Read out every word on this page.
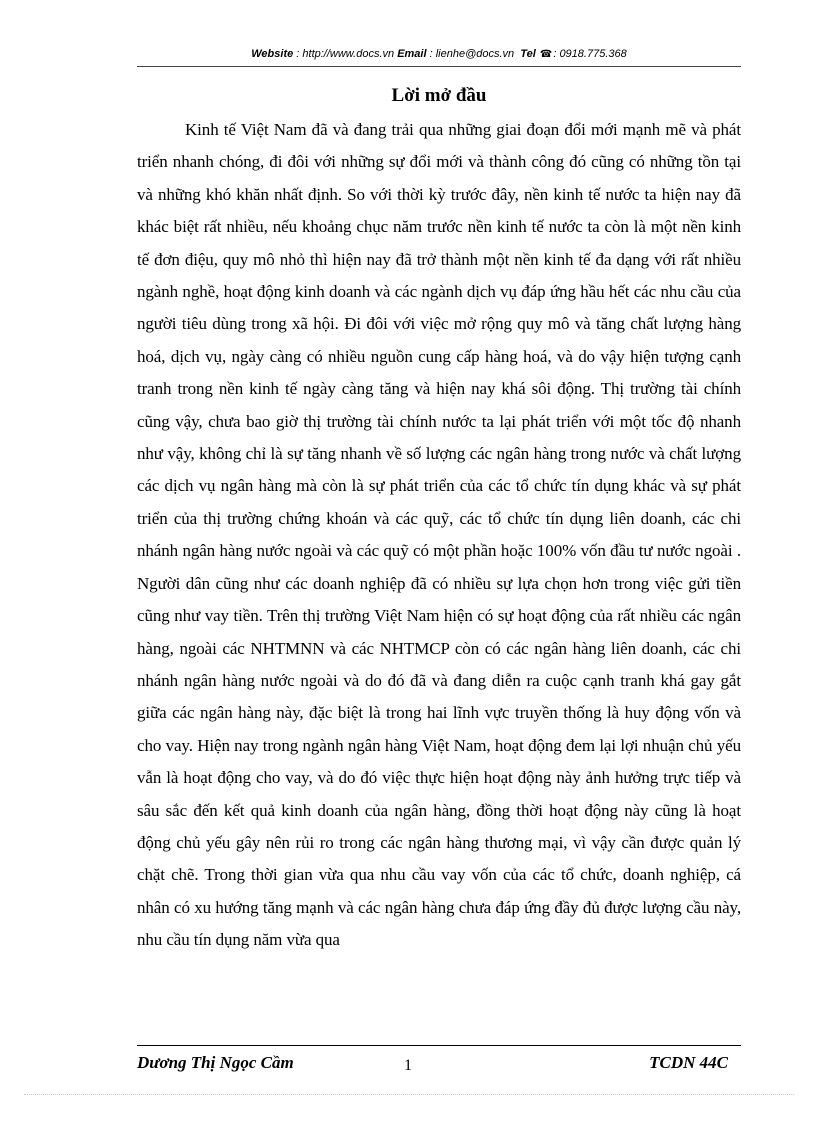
Website : http://www.docs.vn Email : lienhe@docs.vn Tel ☎: 0918.775.368
Lời mở đầu

Kinh tế Việt Nam đã và đang trải qua những giai đoạn đổi mới mạnh mẽ và phát triển nhanh chóng, đi đôi với những sự đổi mới và thành công đó cũng có những tồn tại và những khó khăn nhất định. So với thời kỳ trước đây, nền kinh tế nước ta hiện nay đã khác biệt rất nhiều, nếu khoảng chục năm trước nền kinh tế nước ta còn là một nền kinh tế đơn điệu, quy mô nhỏ thì hiện nay đã trở thành một nền kinh tế đa dạng với rất nhiều ngành nghề, hoạt động kinh doanh và các ngành dịch vụ đáp ứng hầu hết các nhu cầu của người tiêu dùng trong xã hội. Đi đôi với việc mở rộng quy mô và tăng chất lượng hàng hoá, dịch vụ, ngày càng có nhiều nguồn cung cấp hàng hoá, và do vậy hiện tượng cạnh tranh trong nền kinh tế ngày càng tăng và hiện nay khá sôi động. Thị trường tài chính cũng vậy, chưa bao giờ thị trường tài chính nước ta lại phát triển với một tốc độ nhanh như vậy, không chỉ là sự tăng nhanh về số lượng các ngân hàng trong nước và chất lượng các dịch vụ ngân hàng mà còn là sự phát triển của các tổ chức tín dụng khác và sự phát triển của thị trường chứng khoán và các quỹ, các tổ chức tín dụng liên doanh, các chi nhánh ngân hàng nước ngoài và các quỹ có một phần hoặc 100% vốn đầu tư nước ngoài . Người dân cũng như các doanh nghiệp đã có nhiều sự lựa chọn hơn trong việc gửi tiền cũng như vay tiền. Trên thị trường Việt Nam hiện có sự hoạt động của rất nhiều các ngân hàng, ngoài các NHTMNN và các NHTMCP còn có các ngân hàng liên doanh, các chi nhánh ngân hàng nước ngoài và do đó đã và đang diễn ra cuộc cạnh tranh khá gay gắt giữa các ngân hàng này, đặc biệt là trong hai lĩnh vực truyền thống là huy động vốn và cho vay. Hiện nay trong ngành ngân hàng Việt Nam, hoạt động đem lại lợi nhuận chủ yếu vẫn là hoạt động cho vay, và do đó việc thực hiện hoạt động này ảnh hưởng trực tiếp và sâu sắc đến kết quả kinh doanh của ngân hàng, đồng thời hoạt động này cũng là hoạt động chủ yếu gây nên rủi ro trong các ngân hàng thương mại, vì vậy cần được quản lý chặt chẽ. Trong thời gian vừa qua nhu cầu vay vốn của các tổ chức, doanh nghiệp, cá nhân có xu hướng tăng mạnh và các ngân hàng chưa đáp ứng đầy đủ được lượng cầu này, nhu cầu tín dụng năm vừa qua

Dương Thị Ngọc Cầm	1	TCDN 44C
